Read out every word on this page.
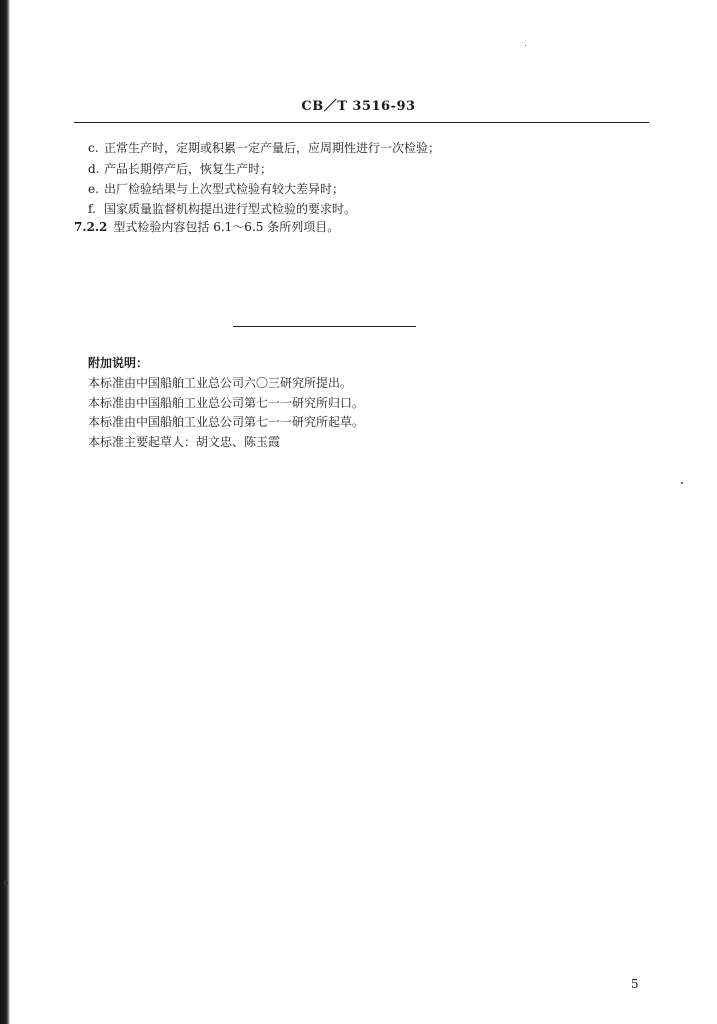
CB／T 3516-93
c. 正常生产时，定期或积累一定产量后，应周期性进行一次检验；
d. 产品长期停产后，恢复生产时；
e. 出厂检验结果与上次型式检验有较大差异时；
f. 国家质量监督机构提出进行型式检验的要求时。
7.2.2 型式检验内容包括 6.1～6.5 条所列项目。
附加说明：
本标准由中国船舶工业总公司六〇三研究所提出。
本标准由中国船舶工业总公司第七一一研究所归口。
本标准由中国船舶工业总公司第七一一研究所起草。
本标准主要起草人：胡文忠、陈玉霞
5
